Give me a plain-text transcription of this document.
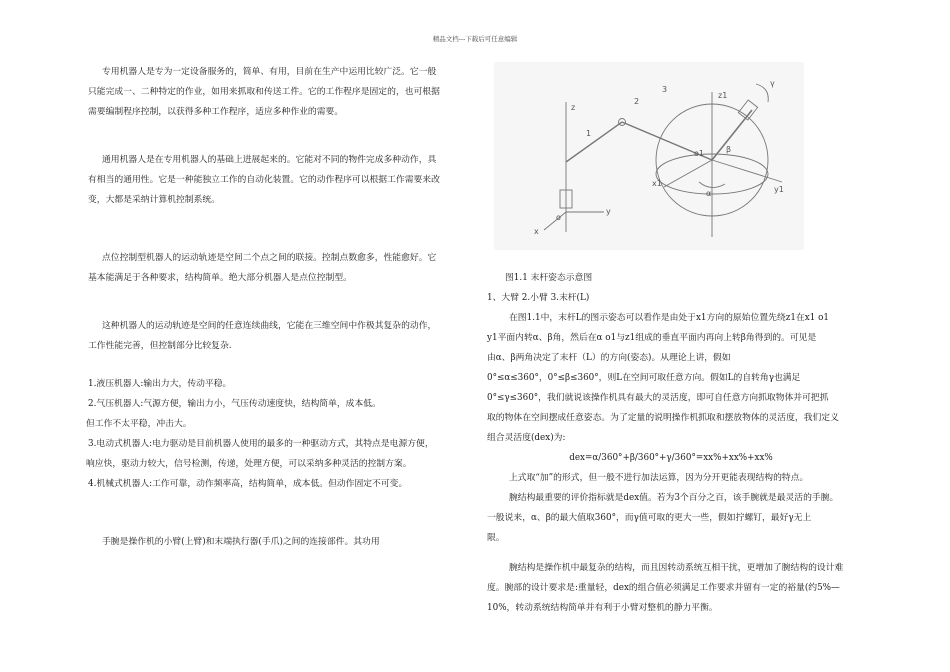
精品文档---下载后可任意编辑

专用机器人是专为一定设备服务的，简单、有用，目前在生产中运用比较广泛。它一般

只能完成一、二种特定的作业，如用来抓取和传送工件。它的工作程序是固定的，也可根据

需要编制程序控制，以获得多种工作程序，适应多种作业的需要。

通用机器人是在专用机器人的基础上进展起来的。它能对不同的物件完成多种动作，具

有相当的通用性。它是一种能独立工作的自动化装置。它的动作程序可以根据工作需要来改

变，大都是采纳计算机控制系统。

点位控制型机器人的运动轨迹是空间二个点之间的联接。控制点数愈多，性能愈好。它

基本能满足于各种要求，结构简单。绝大部分机器人是点位控制型。

这种机器人的运动轨迹是空间的任意连续曲线，它能在三维空间中作极其复杂的动作，

工作性能完善，但控制部分比较复杂.

1.液压机器人:输出力大，传动平稳。

2.气压机器人:气源方便，输出力小，气压传动速度快，结构简单，成本低。

但工作不太平稳，冲击大。

3.电动式机器人:电力驱动是目前机器人使用的最多的一种驱动方式，其特点是电源方便，

响应快，驱动力较大，信号检测，传递，处理方便，可以采纳多种灵活的控制方案。

4.机械式机器人:工作可靠，动作频率高，结构简单，成本低。但动作固定不可变。

手腕是操作机的小臂(上臂)和末端执行器(手爪)之间的连接部件。其功用

z
z1
x
x1
y
y1
o
o1
1
2
3
α
β
γ

图1.1 末杆姿态示意图

1、大臂 2.小臂 3.末杆(L)

在图1.1中，末杆L的图示姿态可以看作是由处于x1方向的原始位置先绕z1在x1 o1

y1平面内转α、β角，然后在α o1与z1组成的垂直平面内再向上转β角得到的。可见是

由α、β两角决定了末杆（L）的方向(姿态)。从理论上讲，假如

0°≤α≤360°，0°≤β≤360°，则L在空间可取任意方向。假如L的自转角γ也满足

0°≤γ≤360°，我们就说该操作机具有最大的灵活度，即可自任意方向抓取物体并可把抓

取的物体在空间摆成任意姿态。为了定量的说明操作机抓取和摆放物体的灵活度，我们定义

组合灵活度(dex)为:

dex=α/360°+β/360°+γ/360°=xx%+xx%+xx%

上式取“加”的形式，但一般不进行加法运算，因为分开更能表现结构的特点。

腕结构最重要的评价指标就是dex值。若为3个百分之百，该手腕就是最灵活的手腕。

一般说来，α、β的最大值取360°，而γ值可取的更大一些，假如拧螺钉，最好γ无上

限。

腕结构是操作机中最复杂的结构，而且因转动系统互相干扰，更增加了腕结构的设计难

度。腕部的设计要求是:重量轻，dex的组合值必须满足工作要求并留有一定的裕量(约5%—

10%，转动系统结构简单并有利于小臂对整机的静力平衡。
